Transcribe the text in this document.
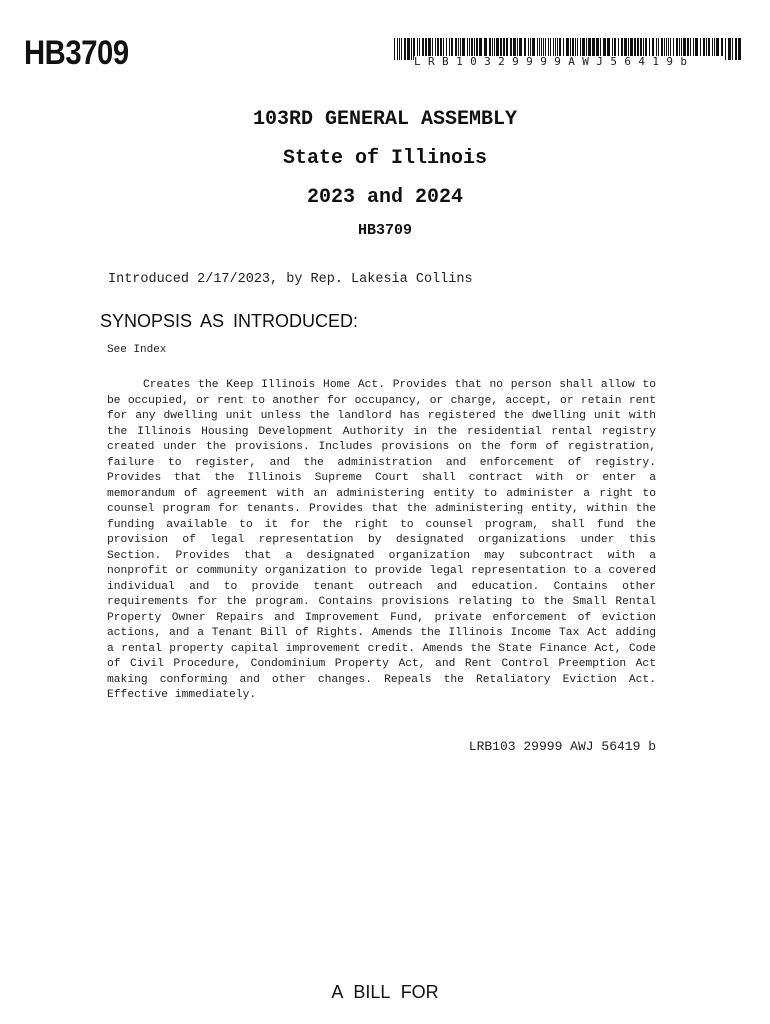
HB3709	LRB10329999AWJ56419b

103RD GENERAL ASSEMBLY

State of Illinois

2023 and 2024

HB3709

Introduced 2/17/2023, by Rep. Lakesia Collins

SYNOPSIS AS INTRODUCED:

See Index

Creates the Keep Illinois Home Act. Provides that no person shall allow to be occupied, or rent to another for occupancy, or charge, accept, or retain rent for any dwelling unit unless the landlord has registered the dwelling unit with the Illinois Housing Development Authority in the residential rental registry created under the provisions. Includes provisions on the form of registration, failure to register, and the administration and enforcement of registry. Provides that the Illinois Supreme Court shall contract with or enter a memorandum of agreement with an administering entity to administer a right to counsel program for tenants. Provides that the administering entity, within the funding available to it for the right to counsel program, shall fund the provision of legal representation by designated organizations under this Section. Provides that a designated organization may subcontract with a nonprofit or community organization to provide legal representation to a covered individual and to provide tenant outreach and education. Contains other requirements for the program. Contains provisions relating to the Small Rental Property Owner Repairs and Improvement Fund, private enforcement of eviction actions, and a Tenant Bill of Rights. Amends the Illinois Income Tax Act adding a rental property capital improvement credit. Amends the State Finance Act, Code of Civil Procedure, Condominium Property Act, and Rent Control Preemption Act making conforming and other changes. Repeals the Retaliatory Eviction Act. Effective immediately.

LRB103 29999 AWJ 56419 b

A BILL FOR
